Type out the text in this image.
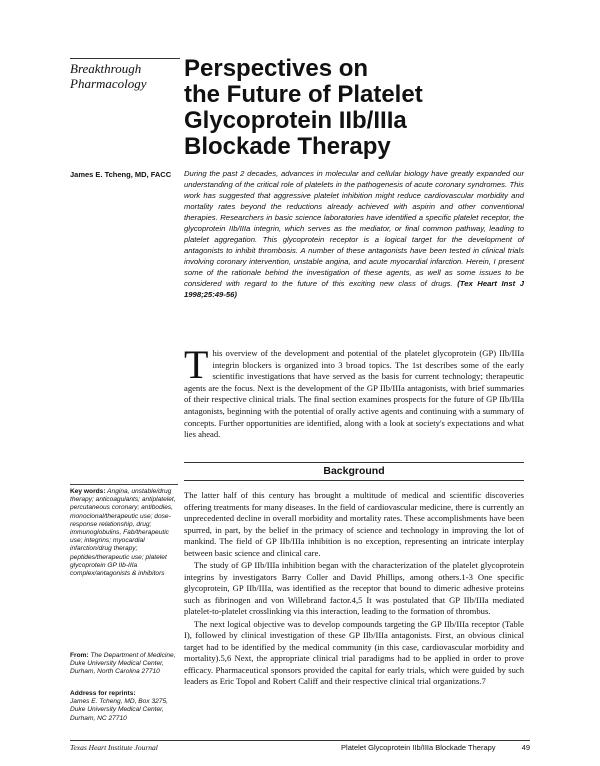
Breakthrough
Pharmacology
Perspectives on
the Future of Platelet
Glycoprotein IIb/IIIa
Blockade Therapy
James E. Tcheng, MD, FACC	During the past 2 decades, advances in molecular and cellular biology have greatly expanded our understanding of the critical role of platelets in the pathogenesis of acute coronary syndromes. This work has suggested that aggressive platelet inhibition might reduce cardiovascular morbidity and mortality rates beyond the reductions already achieved with aspirin and other conventional therapies. Researchers in basic science laboratories have identified a specific platelet receptor, the glycoprotein IIb/IIIa integrin, which serves as the mediator, or final common pathway, leading to platelet aggregation. This glycoprotein receptor is a logical target for the development of antagonists to inhibit thrombosis. A number of these antagonists have been tested in clinical trials involving coronary intervention, unstable angina, and acute myocardial infarction. Herein, I present some of the rationale behind the investigation of these agents, as well as some issues to be considered with regard to the future of this exciting new class of drugs. (Tex Heart Inst J 1998;25:49-56)
This overview of the development and potential of the platelet glycoprotein (GP) IIb/IIIa integrin blockers is organized into 3 broad topics. The 1st describes some of the early scientific investigations that have served as the basis for current technology; therapeutic agents are the focus. Next is the development of the GP IIb/IIIa antagonists, with brief summaries of their respective clinical trials. The final section examines prospects for the future of GP IIb/IIIa antagonists, beginning with the potential of orally active agents and continuing with a summary of concepts. Further opportunities are identified, along with a look at society's expectations and what lies ahead.
Background

The latter half of this century has brought a multitude of medical and scientific discoveries offering treatments for many diseases. In the field of cardiovascular medicine, there is currently an unprecedented decline in overall morbidity and mortality rates. These accomplishments have been spurred, in part, by the belief in the primacy of science and technology in improving the lot of mankind. The field of GP IIb/IIIa inhibition is no exception, representing an intricate interplay between basic science and clinical care.

The study of GP IIb/IIIa inhibition began with the characterization of the platelet glycoprotein integrins by investigators Barry Coller and David Phillips, among others.1-3 One specific glycoprotein, GP IIb/IIIa, was identified as the receptor that bound to dimeric adhesive proteins such as fibrinogen and von Willebrand factor.4,5 It was postulated that GP IIb/IIIa mediated platelet-to-platelet crosslinking via this interaction, leading to the formation of thrombus.

The next logical objective was to develop compounds targeting the GP IIb/IIIa receptor (Table I), followed by clinical investigation of these GP IIb/IIIa antagonists. First, an obvious clinical target had to be identified by the medical community (in this case, cardiovascular morbidity and mortality).5,6 Next, the appropriate clinical trial paradigms had to be applied in order to prove efficacy. Pharmaceutical sponsors provided the capital for early trials, which were guided by such leaders as Eric Topol and Robert Califf and their respective clinical trial organizations.7

Key words: Angina, unstable/drug therapy; anticoagulants; antiplatelet, percutaneous coronary; antibodies, monoclonal/therapeutic use; dose-response relationship, drug; immunoglobulins, Fab/therapeutic use; integrins; myocardial infarction/drug therapy; peptides/therapeutic use; platelet glycoprotein GP IIb-IIIa complex/antagonists & inhibitors
From: The Department of Medicine, Duke University Medical Center, Durham, North Carolina 27710
Address for reprints:
James E. Tcheng, MD, Box 3275, Duke University Medical Center, Durham, NC 27710
Texas Heart Institute Journal	Platelet Glycoprotein IIb/IIIa Blockade Therapy	49
